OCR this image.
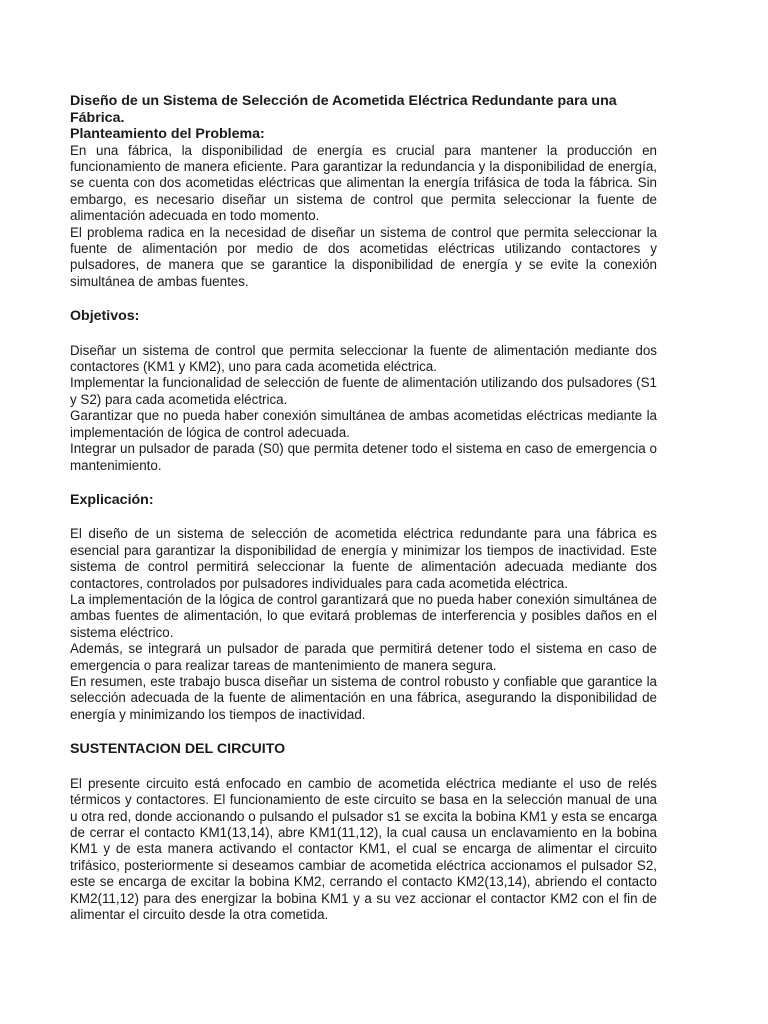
Diseño de un Sistema de Selección de Acometida Eléctrica Redundante para una Fábrica.
Planteamiento del Problema:

En una fábrica, la disponibilidad de energía es crucial para mantener la producción en funcionamiento de manera eficiente. Para garantizar la redundancia y la disponibilidad de energía, se cuenta con dos acometidas eléctricas que alimentan la energía trifásica de toda la fábrica. Sin embargo, es necesario diseñar un sistema de control que permita seleccionar la fuente de alimentación adecuada en todo momento.

El problema radica en la necesidad de diseñar un sistema de control que permita seleccionar la fuente de alimentación por medio de dos acometidas eléctricas utilizando contactores y pulsadores, de manera que se garantice la disponibilidad de energía y se evite la conexión simultánea de ambas fuentes.

Objetivos:

Diseñar un sistema de control que permita seleccionar la fuente de alimentación mediante dos contactores (KM1 y KM2), uno para cada acometida eléctrica.

Implementar la funcionalidad de selección de fuente de alimentación utilizando dos pulsadores (S1 y S2) para cada acometida eléctrica.

Garantizar que no pueda haber conexión simultánea de ambas acometidas eléctricas mediante la implementación de lógica de control adecuada.

Integrar un pulsador de parada (S0) que permita detener todo el sistema en caso de emergencia o mantenimiento.

Explicación:

El diseño de un sistema de selección de acometida eléctrica redundante para una fábrica es esencial para garantizar la disponibilidad de energía y minimizar los tiempos de inactividad. Este sistema de control permitirá seleccionar la fuente de alimentación adecuada mediante dos contactores, controlados por pulsadores individuales para cada acometida eléctrica.

La implementación de la lógica de control garantizará que no pueda haber conexión simultánea de ambas fuentes de alimentación, lo que evitará problemas de interferencia y posibles daños en el sistema eléctrico.

Además, se integrará un pulsador de parada que permitirá detener todo el sistema en caso de emergencia o para realizar tareas de mantenimiento de manera segura.

En resumen, este trabajo busca diseñar un sistema de control robusto y confiable que garantice la selección adecuada de la fuente de alimentación en una fábrica, asegurando la disponibilidad de energía y minimizando los tiempos de inactividad.

SUSTENTACION DEL CIRCUITO

El presente circuito está enfocado en cambio de acometida eléctrica mediante el uso de relés térmicos y contactores. El funcionamiento de este circuito se basa en la selección manual de una u otra red, donde accionando o pulsando el pulsador s1 se excita la bobina KM1 y esta se encarga de cerrar el contacto KM1(13,14), abre KM1(11,12), la cual causa un enclavamiento en la bobina KM1 y de esta manera activando el contactor KM1, el cual se encarga de alimentar el circuito trifásico, posteriormente si deseamos cambiar de acometida eléctrica accionamos el pulsador S2, este se encarga de excitar la bobina KM2, cerrando el contacto KM2(13,14), abriendo el contacto KM2(11,12) para des energizar la bobina KM1 y a su vez accionar el contactor KM2 con el fin de alimentar el circuito desde la otra cometida.
